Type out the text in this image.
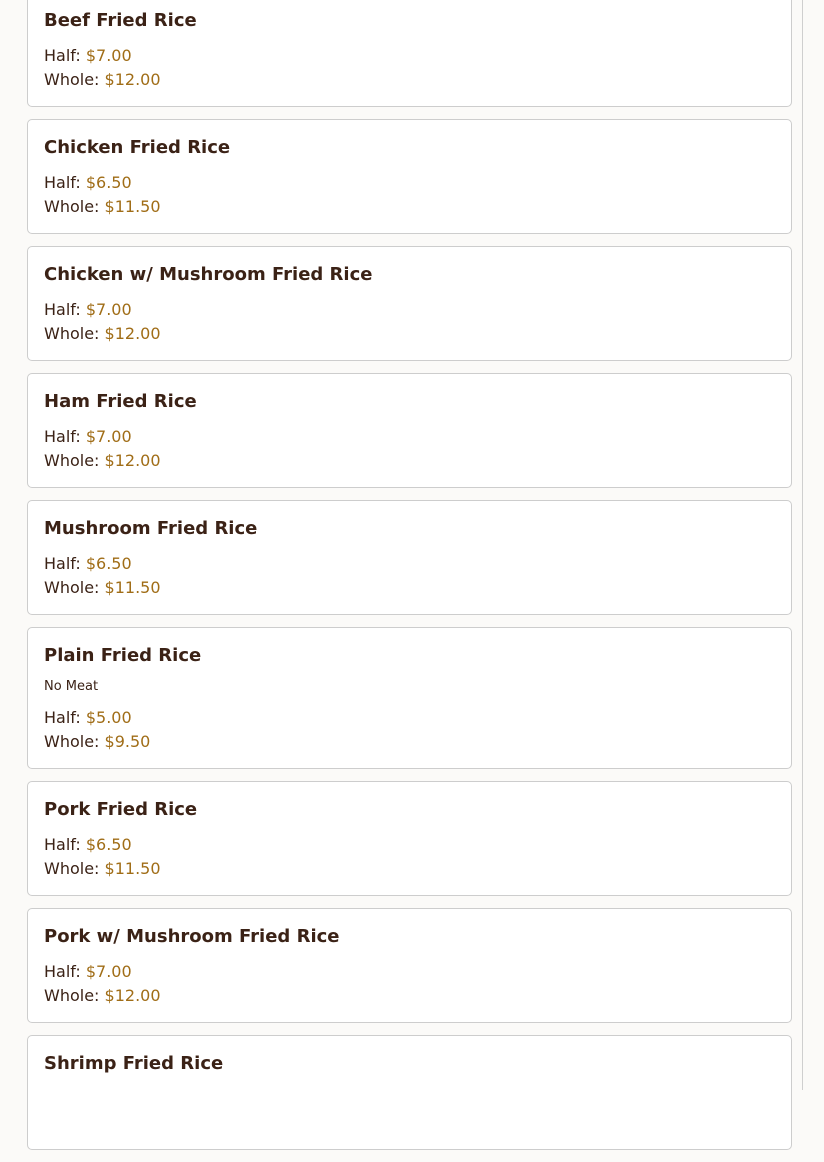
Beef Fried Rice
Half: $7.00
Whole: $12.00
Chicken Fried Rice
Half: $6.50
Whole: $11.50
Chicken w/ Mushroom Fried Rice
Half: $7.00
Whole: $12.00
Ham Fried Rice
Half: $7.00
Whole: $12.00
Mushroom Fried Rice
Half: $6.50
Whole: $11.50
Plain Fried Rice
No Meat
Half: $5.00
Whole: $9.50
Pork Fried Rice
Half: $6.50
Whole: $11.50
Pork w/ Mushroom Fried Rice
Half: $7.00
Whole: $12.00
Shrimp Fried Rice
